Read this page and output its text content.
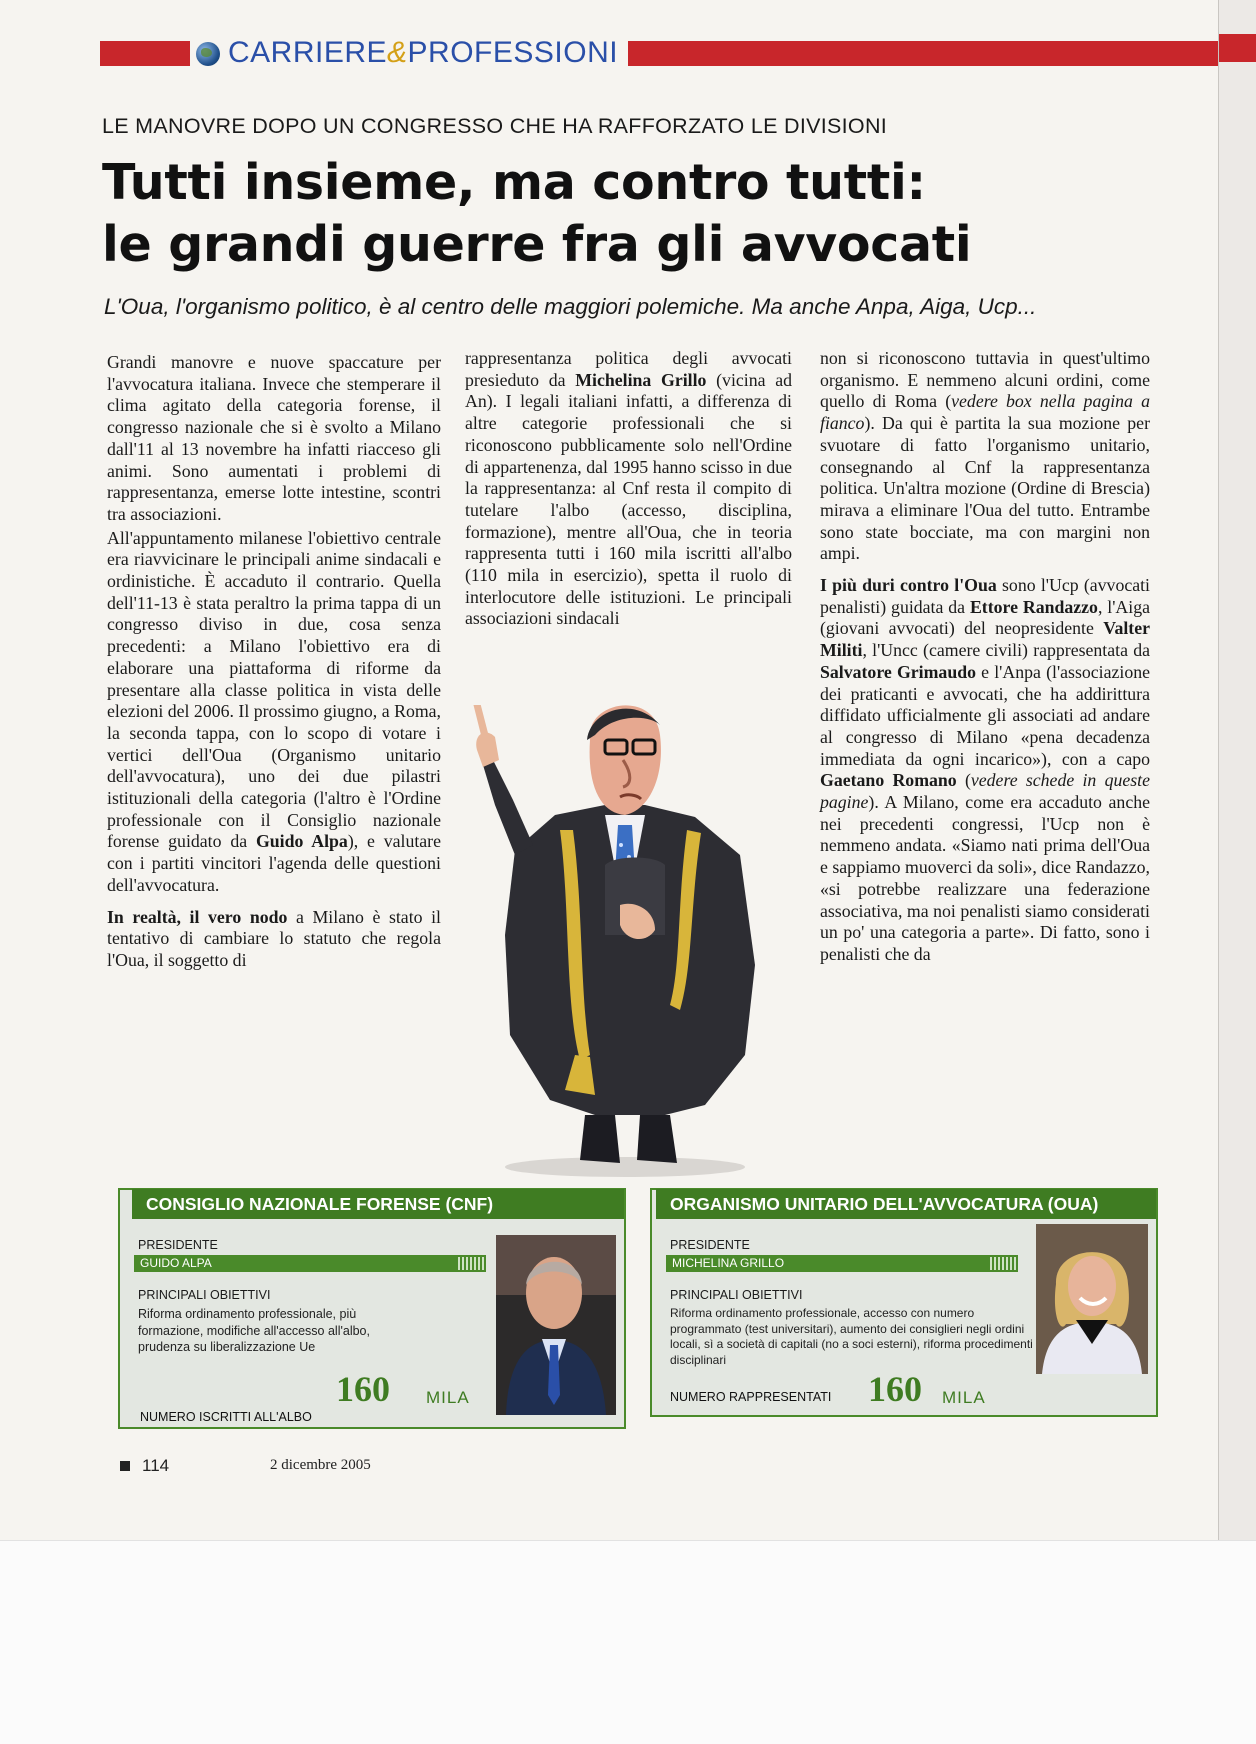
CARRIERE&PROFESSIONI
LE MANOVRE DOPO UN CONGRESSO CHE HA RAFFORZATO LE DIVISIONI
Tutti insieme, ma contro tutti:
le grandi guerre fra gli avvocati
L'Oua, l'organismo politico, è al centro delle maggiori polemiche. Ma anche Anpa, Aiga, Ucp...

Grandi manovre e nuove spaccature per l'avvocatura italiana. Invece che stemperare il clima agitato della categoria forense, il congresso nazionale che si è svolto a Milano dall'11 al 13 novembre ha infatti riacceso gli animi. Sono aumentati i problemi di rappresentanza, emerse lotte intestine, scontri tra associazioni.

All'appuntamento milanese l'obiettivo centrale era riavvicinare le principali anime sindacali e ordinistiche. È accaduto il contrario. Quella dell'11-13 è stata peraltro la prima tappa di un congresso diviso in due, cosa senza precedenti: a Milano l'obiettivo era di elaborare una piattaforma di riforme da presentare alla classe politica in vista delle elezioni del 2006. Il prossimo giugno, a Roma, la seconda tappa, con lo scopo di votare i vertici dell'Oua (Organismo unitario dell'avvocatura), uno dei due pilastri istituzionali della categoria (l'altro è l'Ordine professionale con il Consiglio nazionale forense guidato da Guido Alpa), e valutare con i partiti vincitori l'agenda delle questioni dell'avvocatura.

In realtà, il vero nodo a Milano è stato il tentativo di cambiare lo statuto che regola l'Oua, il soggetto di

rappresentanza politica degli avvocati presieduto da Michelina Grillo (vicina ad An). I legali italiani infatti, a differenza di altre categorie professionali che si riconoscono pubblicamente solo nell'Ordine di appartenenza, dal 1995 hanno scisso in due la rappresentanza: al Cnf resta il compito di tutelare l'albo (accesso, disciplina, formazione), mentre all'Oua, che in teoria rappresenta tutti i 160 mila iscritti all'albo (110 mila in esercizio), spetta il ruolo di interlocutore delle istituzioni. Le principali associazioni sindacali

non si riconoscono tuttavia in quest'ultimo organismo. E nemmeno alcuni ordini, come quello di Roma (vedere box nella pagina a fianco). Da qui è partita la sua mozione per svuotare di fatto l'organismo unitario, consegnando al Cnf la rappresentanza politica. Un'altra mozione (Ordine di Brescia) mirava a eliminare l'Oua del tutto. Entrambe sono state bocciate, ma con margini non ampi.

I più duri contro l'Oua sono l'Ucp (avvocati penalisti) guidata da Ettore Randazzo, l'Aiga (giovani avvocati) del neopresidente Valter Militi, l'Uncc (camere civili) rappresentata da Salvatore Grimaudo e l'Anpa (l'associazione dei praticanti e avvocati, che ha addirittura diffidato ufficialmente gli associati ad andare al congresso di Milano «pena decadenza immediata da ogni incarico»), con a capo Gaetano Romano (vedere schede in queste pagine). A Milano, come era accaduto anche nei precedenti congressi, l'Ucp non è nemmeno andata. «Siamo nati prima dell'Oua e sappiamo muoverci da soli», dice Randazzo, «si potrebbe realizzare una federazione associativa, ma noi penalisti siamo considerati un po' una categoria a parte». Di fatto, sono i penalisti che da

CONSIGLIO NAZIONALE FORENSE (CNF)
PRESIDENTE
GUIDO ALPA
PRINCIPALI OBIETTIVI
Riforma ordinamento professionale, più formazione, modifiche all'accesso all'albo, prudenza su liberalizzazione Ue
160 MILA
NUMERO ISCRITTI ALL'ALBO
ORGANISMO UNITARIO DELL'AVVOCATURA (OUA)
PRESIDENTE
MICHELINA GRILLO
PRINCIPALI OBIETTIVI
Riforma ordinamento professionale, accesso con numero programmato (test universitari), aumento dei consiglieri negli ordini locali, sì a società di capitali (no a soci esterni), riforma procedimenti disciplinari
NUMERO RAPPRESENTATI 160 MILA
114	2 dicembre 2005
